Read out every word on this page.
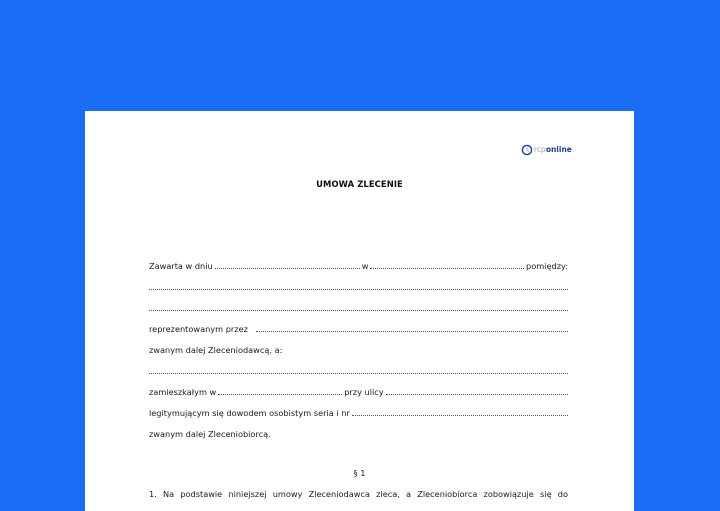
rcp online
UMOWA ZLECENIE
Zawarta w dniu	w	pomiędzy:
reprezentowanym przez
zwanym dalej Zleceniodawcą, a:
zamieszkałym w	przy ulicy
legitymującym się dowodem osobistym seria i nr
zwanym dalej Zleceniobiorcą.
§ 1
1. Na podstawie niniejszej umowy Zleceniodawca zleca, a Zleceniobiorca zobowiązuje się do
